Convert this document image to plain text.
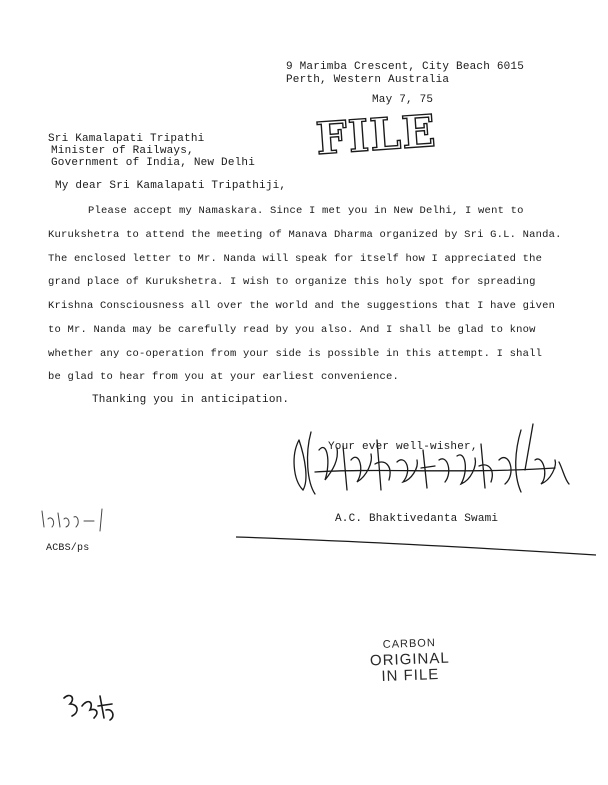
9 Marimba Crescent, City Beach 6015
Perth, Western Australia
May 7, 75
FILE
Sri Kamalapati Tripathi
Minister of Railways,
Government of India, New Delhi
My dear Sri Kamalapati Tripathiji,
Please accept my Namaskara. Since I met you in New Delhi, I went to
Kurukshetra to attend the meeting of Manava Dharma organized by Sri G.L. Nanda.
The enclosed letter to Mr. Nanda will speak for itself how I appreciated the
grand place of Kurukshetra. I wish to organize this holy spot for spreading
Krishna Consciousness all over the world and the suggestions that I have given
to Mr. Nanda may be carefully read by you also. And I shall be glad to know
whether any co-operation from your side is possible in this attempt. I shall
be glad to hear from you at your earliest convenience.
Thanking you in anticipation.
Your ever well-wisher,
A.C. Bhaktivedanta Swami
ACBS/ps
CARBON
ORIGINAL
IN FILE
